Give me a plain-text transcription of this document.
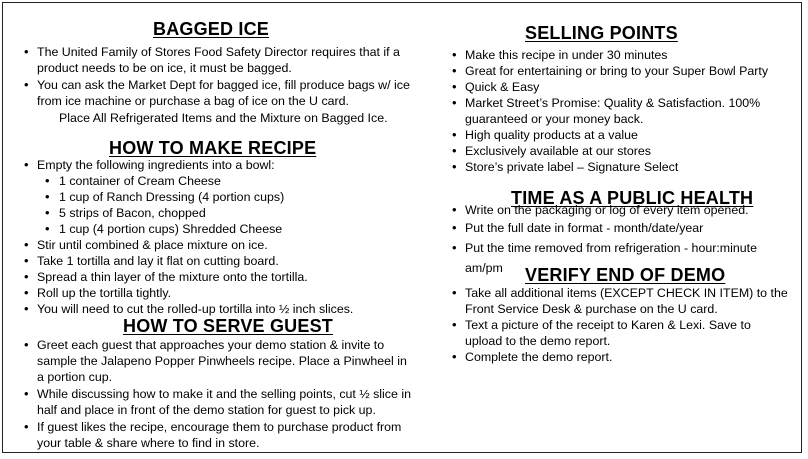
BAGGED ICE
• The United Family of Stores Food Safety Director requires that if a product needs to be on ice, it must be bagged.
• You can ask the Market Dept for bagged ice, fill produce bags w/ ice from ice machine or purchase a bag of ice on the U card.
Place All Refrigerated Items and the Mixture on Bagged Ice.
HOW TO MAKE RECIPE
• Empty the following ingredients into a bowl:
• 1 container of Cream Cheese
• 1 cup of Ranch Dressing (4 portion cups)
• 5 strips of Bacon, chopped
• 1 cup (4 portion cups) Shredded Cheese
• Stir until combined & place mixture on ice.
• Take 1 tortilla and lay it flat on cutting board.
• Spread a thin layer of the mixture onto the tortilla.
• Roll up the tortilla tightly.
• You will need to cut the rolled-up tortilla into ½ inch slices.
HOW TO SERVE GUEST
• Greet each guest that approaches your demo station & invite to sample the Jalapeno Popper Pinwheels recipe. Place a Pinwheel in a portion cup.
• While discussing how to make it and the selling points, cut ½ slice in half and place in front of the demo station for guest to pick up.
• If guest likes the recipe, encourage them to purchase product from your table & share where to find in store.
SELLING POINTS
• Make this recipe in under 30 minutes
• Great for entertaining or bring to your Super Bowl Party
• Quick & Easy
• Market Street’s Promise: Quality & Satisfaction. 100% guaranteed or your money back.
• High quality products at a value
• Exclusively available at our stores
• Store’s private label – Signature Select
TIME AS A PUBLIC HEALTH
• Write on the packaging or log of every item opened.
• Put the full date in format - month/date/year
• Put the time removed from refrigeration - hour:minute am/pm	VERIFY END OF DEMO
• Take all additional items (EXCEPT CHECK IN ITEM) to the Front Service Desk & purchase on the U card.
• Text a picture of the receipt to Karen & Lexi. Save to upload to the demo report.
• Complete the demo report.
